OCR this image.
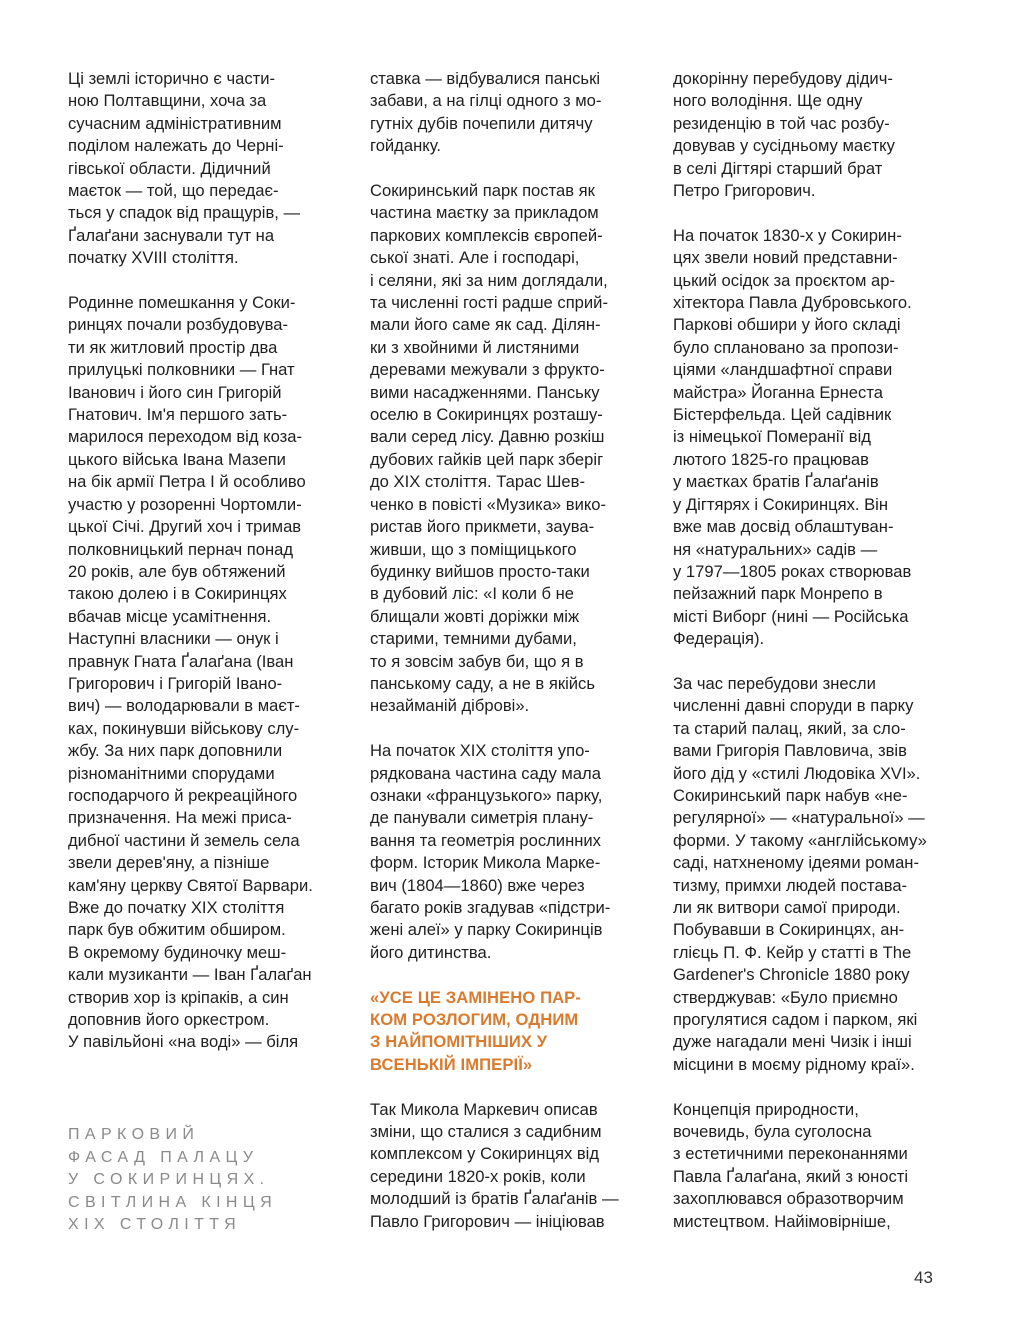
Ці землі історично є части-
ною Полтавщини, хоча за
сучасним адміністративним
поділом належать до Черні-
гівської области. Дідичний
маєток — той, що передає-
ться у спадок від пращурів, —
Ґалаґани заснували тут на
початку XVIII століття.
Родинне помешкання у Соки-
ринцях почали розбудовува-
ти як житловий простір два
прилуцькі полковники — Гнат
Іванович і його син Григорій
Гнатович. Ім'я першого зать-
марилося переходом від коза-
цького війська Івана Мазепи
на бік армії Петра І й особливо
участю у розоренні Чортомли-
цької Січі. Другий хоч і тримав
полковницький пернач понад
20 років, але був обтяжений
такою долею і в Сокиринцях
вбачав місце усамітнення.
Наступні власники — онук і
правнук Гната Ґалаґана (Іван
Григорович і Григорій Івано-
вич) — володарювали в маєт-
ках, покинувши військову слу-
жбу. За них парк доповнили
різноманітними спорудами
господарчого й рекреаційного
призначення. На межі приса-
дибної частини й земель села
звели дерев'яну, а пізніше
кам'яну церкву Святої Варвари.
Вже до початку XIX століття
парк був обжитим обширом.
В окремому будиночку меш-
кали музиканти — Іван Ґалаґан
створив хор із кріпаків, а син
доповнив його оркестром.
У павільйоні «на воді» — біля
ПАРКОВИЙ
ФАСАД ПАЛАЦУ
У СОКИРИНЦЯХ.
СВІТЛИНА КІНЦЯ
XIX СТОЛІТТЯ
ставка — відбувалися панські
забави, а на гілці одного з мо-
гутніх дубів почепили дитячу
гойданку.
Сокиринський парк постав як
частина маєтку за прикладом
паркових комплексів європей-
ської знаті. Але і господарі,
і селяни, які за ним доглядали,
та численні гості радше сприй-
мали його саме як сад. Ділян-
ки з хвойними й листяними
деревами межували з фрукто-
вими насадженнями. Панську
оселю в Сокиринцях розташу-
вали серед лісу. Давню розкіш
дубових гайків цей парк зберіг
до XIX століття. Тарас Шев-
ченко в повісті «Музика» вико-
ристав його прикмети, заува-
живши, що з поміщицького
будинку вийшов просто-таки
в дубовий ліс: «І коли б не
блищали жовті доріжки між
старими, темними дубами,
то я зовсім забув би, що я в
панському саду, а не в якійсь
незайманій діброві».
На початок XIX століття упо-
рядкована частина саду мала
ознаки «французького» парку,
де панували симетрія плану-
вання та геометрія рослинних
форм. Історик Микола Марке-
вич (1804—1860) вже через
багато років згадував «підстри-
жені алеї» у парку Сокиринців
його дитинства.
«УСЕ ЦЕ ЗАМІНЕНО ПАР-
КОМ РОЗЛОГИМ, ОДНИМ
З НАЙПОМІТНІШИХ У
ВСЕНЬКІЙ ІМПЕРІЇ»
Так Микола Маркевич описав
зміни, що сталися з садибним
комплексом у Сокиринцях від
середини 1820-х років, коли
молодший із братів Ґалаґанів —
Павло Григорович — ініціював
докорінну перебудову дідич-
ного володіння. Ще одну
резиденцію в той час розбу-
довував у сусідньому маєтку
в селі Дігтярі старший брат
Петро Григорович.
На початок 1830-х у Сокирин-
цях звели новий представни-
цький осідок за проєктом ар-
хітектора Павла Дубровського.
Паркові обшири у його складі
було сплановано за пропози-
ціями «ландшафтної справи
майстра» Йоганна Ернеста
Бістерфельда. Цей садівник
із німецької Померанії від
лютого 1825-го працював
у маєтках братів Ґалаґанів
у Дігтярях і Сокиринцях. Він
вже мав досвід облаштуван-
ня «натуральних» садів —
у 1797—1805 роках створював
пейзажний парк Монрепо в
місті Виборг (нині — Російська
Федерація).
За час перебудови знесли
численні давні споруди в парку
та старий палац, який, за сло-
вами Григорія Павловича, звів
його дід у «стилі Людовіка XVI».
Сокиринський парк набув «не-
регулярної» — «натуральної» —
форми. У такому «англійському»
саді, натхненому ідеями роман-
тизму, примхи людей постава-
ли як витвори самої природи.
Побувавши в Сокиринцях, ан-
глієць П. Ф. Кейр у статті в The
Gardener's Chronicle 1880 року
стверджував: «Було приємно
прогулятися садом і парком, які
дуже нагадали мені Чизік і інші
місцини в моєму рідному краї».
Концепція природности,
вочевидь, була суголосна
з естетичними переконаннями
Павла Ґалаґана, який з юності
захоплювався образотворчим
мистецтвом. Найімовірніше,
43
